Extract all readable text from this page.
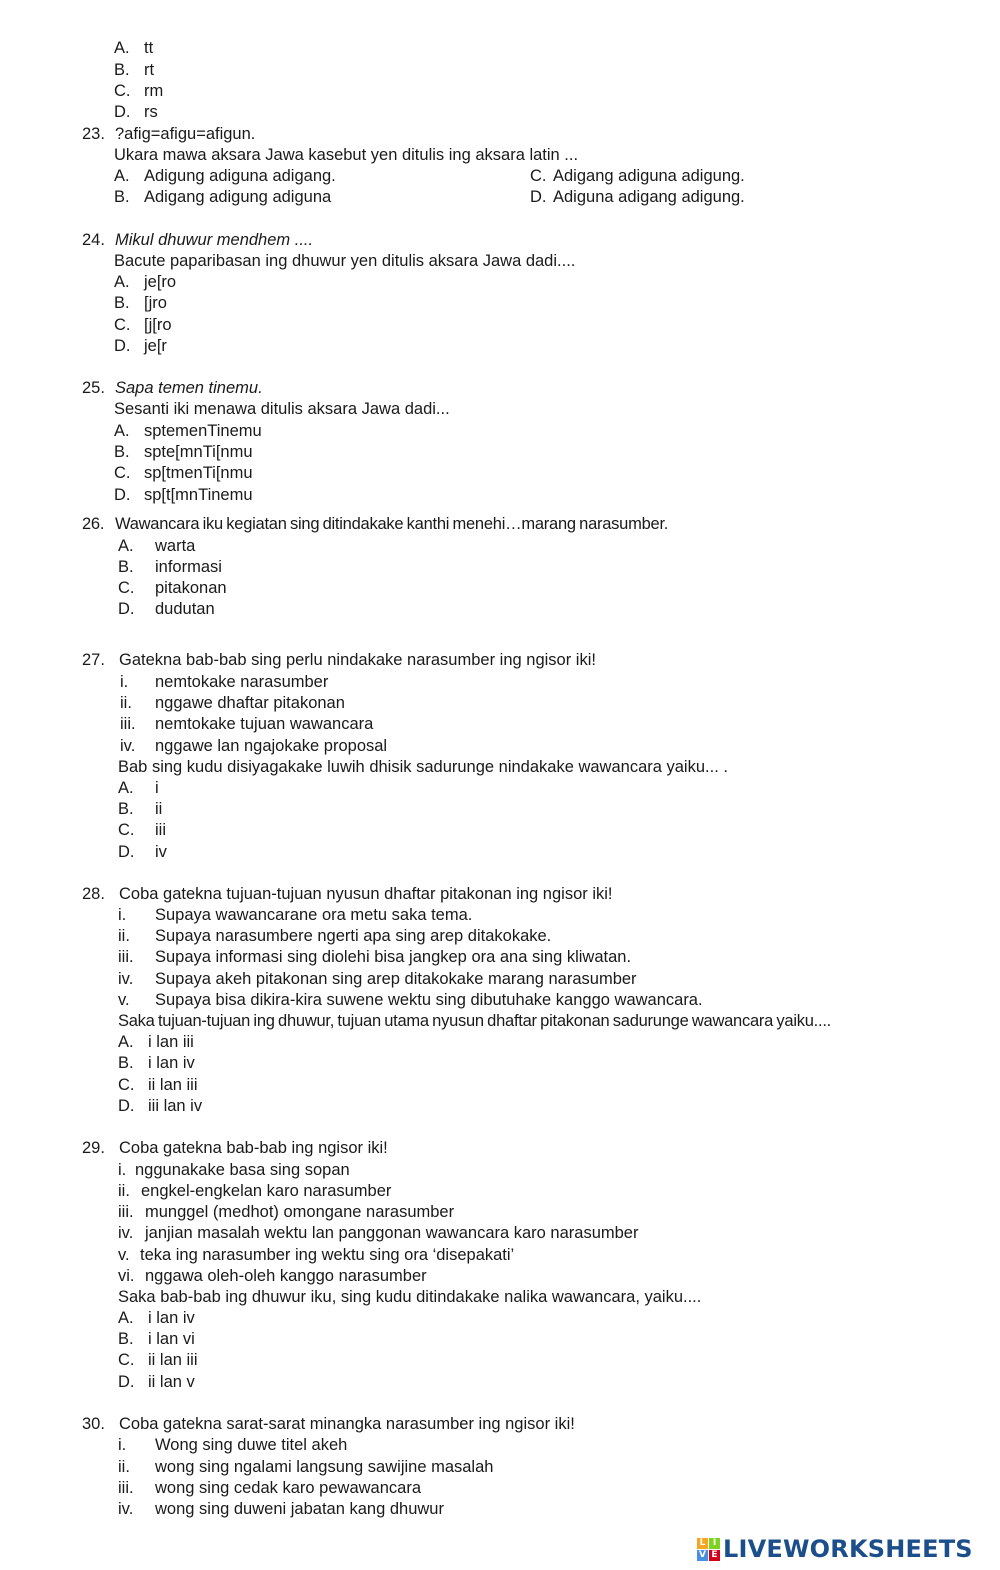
A. tt
B. rt
C. rm
D. rs
23. ?afig=afigu=afigun.
Ukara mawa aksara Jawa kasebut yen ditulis ing aksara latin ...
A. Adigung adiguna adigang.	C. Adigang adiguna adigung.
B. Adigang adigung adiguna	D. Adiguna adigang adigung.
24. Mikul dhuwur mendhem ....
Bacute paparibasan ing dhuwur yen ditulis aksara Jawa dadi....
A. je[ro
B. [jro
C. [j[ro
D. je[r
25. Sapa temen tinemu.
Sesanti iki menawa ditulis aksara Jawa dadi...
A. sptemenTinemu
B. spte[mnTi[nmu
C. sp[tmenTi[nmu
D. sp[t[mnTinemu
26. Wawancara iku kegiatan sing ditindakake kanthi menehi…marang narasumber.
A. warta
B. informasi
C. pitakonan
D. dudutan
27. Gatekna bab-bab sing perlu nindakake narasumber ing ngisor iki!
i. nemtokake narasumber
ii. nggawe dhaftar pitakonan
iii. nemtokake tujuan wawancara
iv. nggawe lan ngajokake proposal
Bab sing kudu disiyagakake luwih dhisik sadurunge nindakake wawancara yaiku... .
A. i
B. ii
C. iii
D. iv
28. Coba gatekna tujuan-tujuan nyusun dhaftar pitakonan ing ngisor iki!
i. Supaya wawancarane ora metu saka tema.
ii. Supaya narasumbere ngerti apa sing arep ditakokake.
iii. Supaya informasi sing diolehi bisa jangkep ora ana sing kliwatan.
iv. Supaya akeh pitakonan sing arep ditakokake marang narasumber
v. Supaya bisa dikira-kira suwene wektu sing dibutuhake kanggo wawancara.
Saka tujuan-tujuan ing dhuwur, tujuan utama nyusun dhaftar pitakonan sadurunge wawancara yaiku....
A. i lan iii
B. i lan iv
C. ii lan iii
D. iii lan iv
29. Coba gatekna bab-bab ing ngisor iki!
i. nggunakake basa sing sopan
ii. engkel-engkelan karo narasumber
iii. munggel (medhot) omongane narasumber
iv. janjian masalah wektu lan panggonan wawancara karo narasumber
v. teka ing narasumber ing wektu sing ora ‘disepakati’
vi. nggawa oleh-oleh kanggo narasumber
Saka bab-bab ing dhuwur iku, sing kudu ditindakake nalika wawancara, yaiku....
A. i lan iv
B. i lan vi
C. ii lan iii
D. ii lan v
30. Coba gatekna sarat-sarat minangka narasumber ing ngisor iki!
i. Wong sing duwe titel akeh
ii. wong sing ngalami langsung sawijine masalah
iii. wong sing cedak karo pewawancara
iv. wong sing duweni jabatan kang dhuwur
L I
V E LIVEWORKSHEETS
